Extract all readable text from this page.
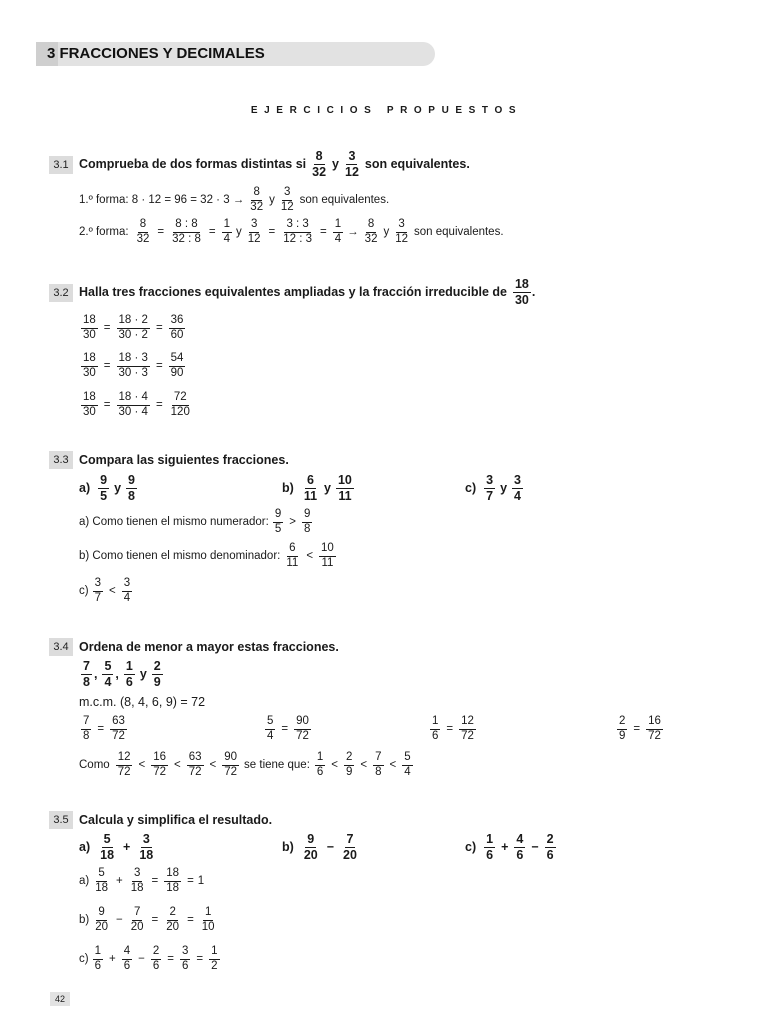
3 FRACCIONES Y DECIMALES
EJERCICIOS PROPUESTOS
3.1 Comprueba de dos formas distintas si $\frac{8}{32}$ y $\frac{3}{12}$ son equivalentes.
1.º forma: $8 \cdot 12 = 96 = 32 \cdot 3 \to \frac{8}{32}$ y $\frac{3}{12}$ son equivalentes.
2.º forma: $\frac{8}{32} = \frac{8 : 8}{32 : 8} = \frac{1}{4}$ y $\frac{3}{12} = \frac{3 : 3}{12 : 3} = \frac{1}{4} \to \frac{8}{32}$ y $\frac{3}{12}$ son equivalentes.
3.2 Halla tres fracciones equivalentes ampliadas y la fracción irreducible de $\frac{18}{30}$ .
$\frac{18}{30} = \frac{18 \cdot 2}{30 \cdot 2} = \frac{36}{60}$
$\frac{18}{30} = \frac{18 \cdot 3}{30 \cdot 3} = \frac{54}{90}$
$\frac{18}{30} = \frac{18 \cdot 4}{30 \cdot 4} = \frac{72}{120}$
3.3 Compara las siguientes fracciones.
$a) \frac{9}{5}$ y $\frac{9}{8}$	$b) \frac{6}{11}$ y $\frac{10}{11}$	$c) \frac{3}{7}$ y $\frac{3}{4}$
a) Como tienen el mismo numerador: $\frac{9}{5} > \frac{9}{8}$
b) Como tienen el mismo denominador: $\frac{6}{11} < \frac{10}{11}$
$c) \frac{3}{7} < \frac{3}{4}$
3.4 Ordena de menor a mayor estas fracciones.
$\frac{7}{8}$ , $\frac{5}{4}$ , $\frac{1}{6}$ y $\frac{2}{9}$
m.c.m. (8, 4, 6, 9) = 72
$\frac{7}{8} = \frac{63}{72}$	$\frac{5}{4} = \frac{90}{72}$	$\frac{1}{6} = \frac{12}{72}$	$\frac{2}{9} = \frac{16}{72}$
Como $\frac{12}{72} < \frac{16}{72} < \frac{63}{72} < \frac{90}{72}$ se tiene que: $\frac{1}{6} < \frac{2}{9} < \frac{7}{8} < \frac{5}{4}$
3.5 Calcula y simplifica el resultado.
$a) \frac{5}{18} + \frac{3}{18}$	$b) \frac{9}{20} - \frac{7}{20}$	$c) \frac{1}{6} + \frac{4}{6} - \frac{2}{6}$
$a) \frac{5}{18} + \frac{3}{18} = \frac{18}{18} = 1$
$b) \frac{9}{20} - \frac{7}{20} = \frac{2}{20} = \frac{1}{10}$
$c) \frac{1}{6} + \frac{4}{6} - \frac{2}{6} = \frac{3}{6} = \frac{1}{2}$
42
